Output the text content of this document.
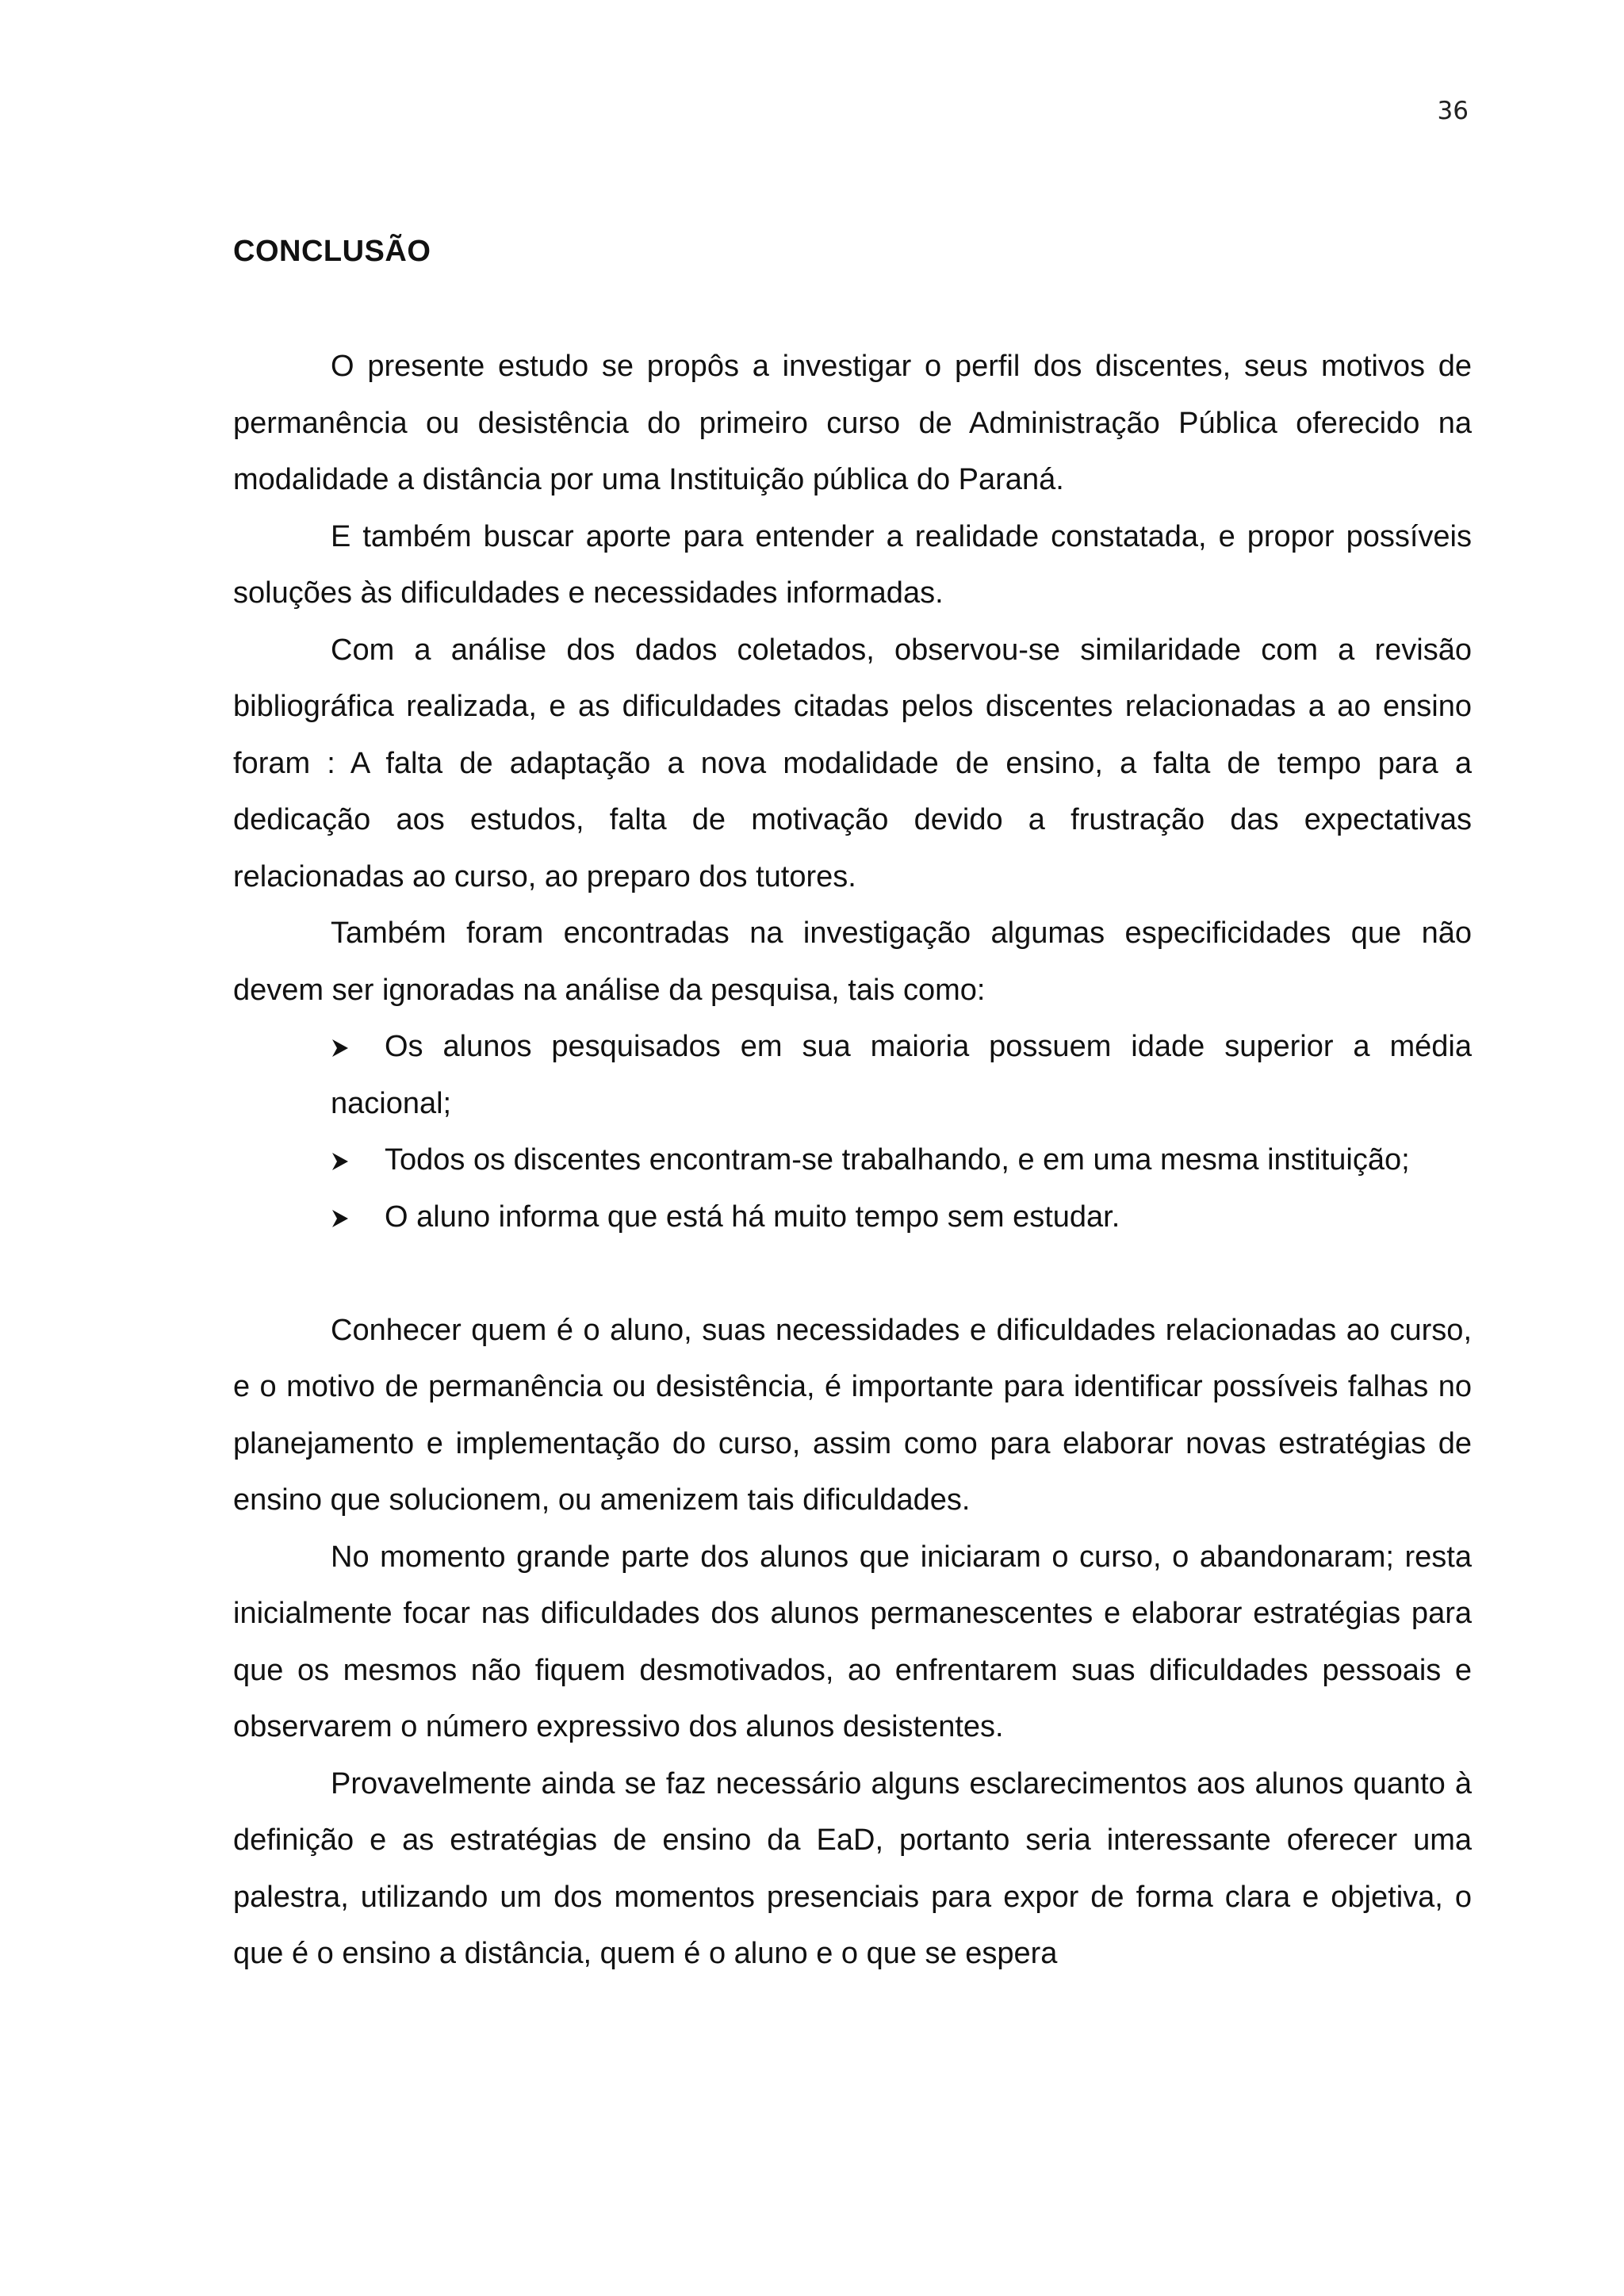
36
CONCLUSÃO

O presente estudo se propôs a investigar o perfil dos discentes, seus motivos de permanência ou desistência do primeiro curso de Administração Pública oferecido na modalidade a distância por uma Instituição pública do Paraná.

E também buscar aporte para entender a realidade constatada, e propor possíveis soluções às dificuldades e necessidades informadas.

Com a análise dos dados coletados, observou-se similaridade com a revisão bibliográfica realizada, e as dificuldades citadas pelos discentes relacionadas a ao ensino foram : A falta de adaptação a nova modalidade de ensino, a falta de tempo para a dedicação aos estudos, falta de motivação devido a frustração das expectativas relacionadas ao curso, ao preparo dos tutores.

Também foram encontradas na investigação algumas especificidades que não devem ser ignoradas na análise da pesquisa, tais como:

Os alunos pesquisados em sua maioria possuem idade superior a média nacional;
Todos os discentes encontram-se trabalhando, e em uma mesma instituição;
O aluno informa que está há muito tempo sem estudar.

Conhecer quem é o aluno, suas necessidades e dificuldades relacionadas ao curso, e o motivo de permanência ou desistência, é importante para identificar possíveis falhas no planejamento e implementação do curso, assim como para elaborar novas estratégias de ensino que solucionem, ou amenizem tais dificuldades.

No momento grande parte dos alunos que iniciaram o curso, o abandonaram; resta inicialmente focar nas dificuldades dos alunos permanescentes e elaborar estratégias para que os mesmos não fiquem desmotivados, ao enfrentarem suas dificuldades pessoais e observarem o número expressivo dos alunos desistentes.

Provavelmente ainda se faz necessário alguns esclarecimentos aos alunos quanto à definição e as estratégias de ensino da EaD, portanto seria interessante oferecer uma palestra, utilizando um dos momentos presenciais para expor de forma clara e objetiva, o que é o ensino a distância, quem é o aluno e o que se espera
